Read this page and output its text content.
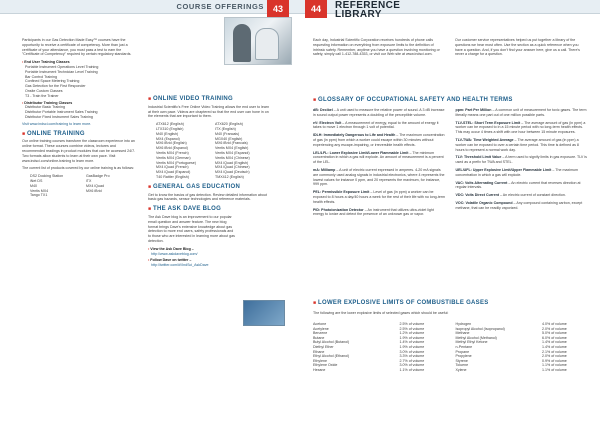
COURSE OFFERINGS 43	44	REFERENCE
LIBRARY

Participants in our Gas Detection Made Easy™ courses have the opportunity to receive a certificate of competency. More than just a certificate of your attendance, you must pass a test to earn the "Certificate of Competency" required by certain regulatory standards.

• End User Training Classes
Portable Instrument Operations Level Training
Portable Instrument Technician Level Training
Bar Control Training
Confined Space Metering Training
Gas Detection for the First Responder
Onsite Custom Classes
T3 - Train the Trainer
• Distributor Training Classes
Distributor Basic Training
Distributor Portable Instrument Sales Training
Distributor Fixed Instrument Sales Training

Visit www.indsci.com/training to learn more.

■ ONLINE TRAINING

Our online training courses transform the classroom experience into an online format. These courses combine videos, lectures and recommended readings in product modules that can be accessed 24/7. Two formats allow students to learn at their own pace. Visit www.indsci.com/online-training to learn more.

The current list of products covered by our online training is as follows:

DS2 Docking Station
iNet DS
M40
Ventis MX4
Tango TX1
GasBadge Pro
iTX
MX4 iQuad
MX6 iBrid
■ ONLINE VIDEO TRAINING

Industrial Scientific's Free Online Video Training allows the end user to learn at their own pace. Videos are chaptered so that the end user can hone in on the elements that are important to them.

ATX612 (English)
LTX310 (English)
M40 (English)
MX4 (Espanol)
MX6 iBrid (English)
MX6 iBrid (Espanol)
Ventis MX4 (French)
Ventis MX4 (German)
Ventis MX4 (Portuguese)
MX4 iQuad (French)
MX4 iQuad (Espanol)
T40 Rattler (English)
ATX620 (English)
ITX (English)
M40 (Francais)
MGX40 (English)
MX6 iBrid (Francais)
Ventis MX4 (English)
Ventis MX4 (Espanol)
Ventis MX4 (Chinese)
MX4 iQuad (English)
MX4 iQuad (Chinese)
MX4 iQuad (Deutsch)
TMX412 (English)
■ GENERAL GAS EDUCATION

Get to know the basics of gas detection. Review detailed information about basic gas hazards, sensor technologies and reference materials.

■ THE ASK DAVE BLOG

The Ask Dave blog is an improvement to our popular email question and answer feature. The new blog format brings Dave's extensive knowledge about gas detection to more end users, safety professionals and to those who are interested in learning more about gas detection.

• View the Ask Dave Blog –
http://www.askdaveblog.com/
• Follow Dave on twitter –
http://twitter.com/#!/IndSci_AskDave

Each day, Industrial Scientific Corporation receives hundreds of phone calls requesting information on everything from exposure limits to the definition of intrinsic safety. Remember, anytime you have a question involving monitoring or safety, simply call 1-412-788-4353, or visit our Web site at www.indsci.com.

Our customer service representatives helped us put together a library of the questions we hear most often. Use the section as a quick reference when you have a question. And, if you don't find your answer here, give us a call. There's never a charge for a question.

■ GLOSSARY OF OCCUPATIONAL SAFETY AND HEALTH TERMS

dB: Decibel – A unit used to measure the relative power of sound. A 3 dB increase in sound output power represents a doubling of the perceptible volume.

eV: Electron Volt – A measurement of energy, equal to the amount of energy it takes to move 1 electron through 1 volt of potential.

IDLH: Immediately Dangerous to Life and Health – The maximum concentration of gas (in ppm) from which a worker could escape within 30 minutes without experiencing any escape-impairing, or irreversible health effects.

LEL/LFL: Lower Explosive Limit/Lower Flammable Limit – The minimum concentration in which a gas will explode. An amount of measurement is a percent of the LEL.

mA: Milliamp – A unit of electric current expressed in amperes. 4-20 mA signals are commonly used analog signals in industrial electronics, where 4 represents the lowest values for instance 0 ppm, and 20 represents the maximum, for instance, 999 ppm.

PEL: Permissible Exposure Limit – Level of gas (in ppm) a worker can be exposed to 8 hours a day/40 hours a week for the rest of their life with no long-term health effects.

PID: Photoionization Detector – An instrument that utilizes ultra-violet light energy to ionize and detect the presence of an unknown gas or vapor.

ppm: Part Per Million – A common unit of measurement for toxic gases. The term literally means one part out of one million possible parts.

TLV-STEL: Short Term Exposure Limit – The average amount of gas (in ppm) a worker can be exposed to in a 15 minute period with no long-term health effects. This may occur 4 times a shift with one hour between 15 minute exposures.

TLV-TWA: Time Weighted Average – The average amount of gas (in ppm) a worker can be exposed to over a certain time period. This time is defined as 8 hours to represent a normal work day.

TLV: Threshold Limit Value – A term used to signify limits in gas exposure. TLV is used as a prefix for TWA and STEL.

UEL/UFL: Upper Explosive Limit/Upper Flammable Limit – The maximum concentration in which a gas will explode.

VAC: Volts Alternating Current – An electric current that reverses direction at regular intervals.

VDC: Volts Direct Current – An electric current of constant direction.

VOC: Volatile Organic Compound – Any compound containing carbon, except methane, that can be readily vaporized.

■ LOWER EXPLOSIVE LIMITS OF COMBUSTIBLE GASES
The following are the lower explosive limits of selected gases which should be useful:
Acetone	2.5% of volume
Acetylene	2.5% of volume
Benzene	1.2% of volume
Butane	1.9% of volume
Butyl Alcohol (Butanol)	1.4% of volume
Diethyl Ether	1.9% of volume
Ethane	3.0% of volume
Ethyl Alcohol (Ethanol)	3.3% of volume
Ethylene	2.7% of volume
Ethylene Oxide	3.0% of volume
Hexane	1.1% of volume
Hydrogen	4.0% of volume
Isopropyl Alcohol (Isopropanol)	2.0% of volume
Methane	5.0% of volume
Methyl Alcohol (Methanol)	6.0% of volume
Methyl Ethyl Ketone	1.4% of volume
n-Pentane	1.4% of volume
Propane	2.1% of volume
Propylene	2.0% of volume
Styrene	0.9% of volume
Toluene	1.1% of volume
Xylene	1.1% of volume
